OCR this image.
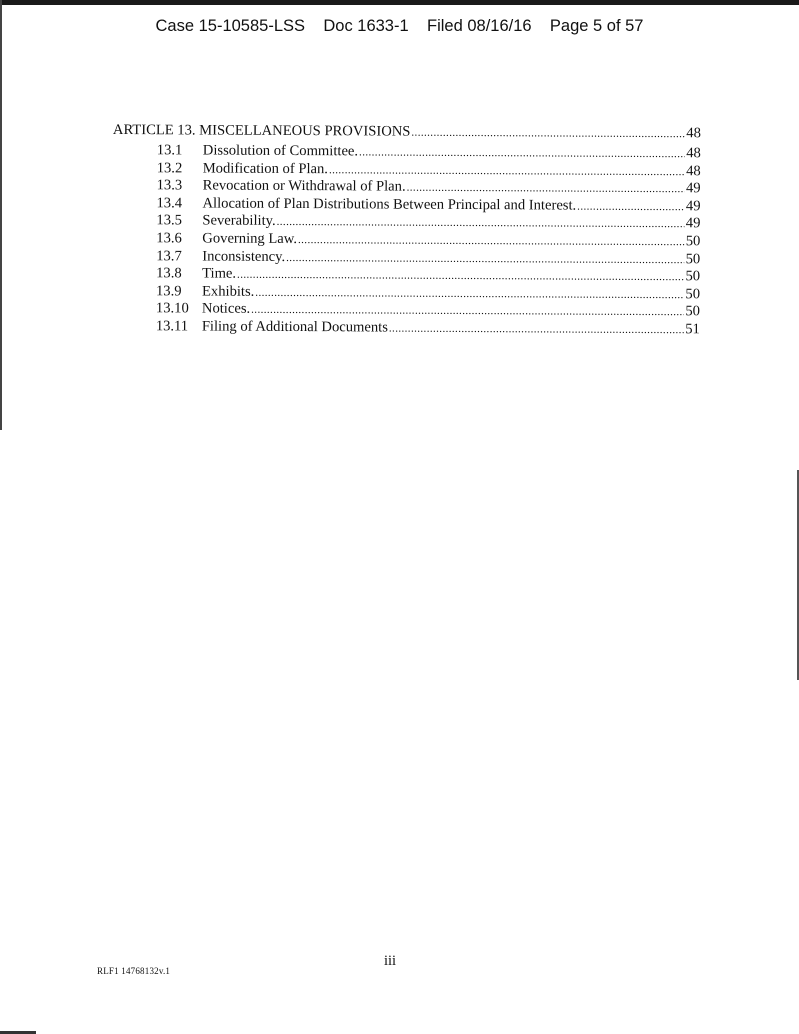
Case 15-10585-LSS    Doc 1633-1    Filed 08/16/16    Page 5 of 57
ARTICLE 13. MISCELLANEOUS PROVISIONS .....	48
13.1	Dissolution of Committee. .....	48
13.2	Modification of Plan. .....	48
13.3	Revocation or Withdrawal of Plan. .....	49
13.4	Allocation of Plan Distributions Between Principal and Interest. .....	49
13.5	Severability. .....	49
13.6	Governing Law. .....	50
13.7	Inconsistency. .....	50
13.8	Time. .....	50
13.9	Exhibits. .....	50
13.10 Notices. .....	50
13.11 Filing of Additional Documents .....	51
iii
RLF1 14768132v.1
